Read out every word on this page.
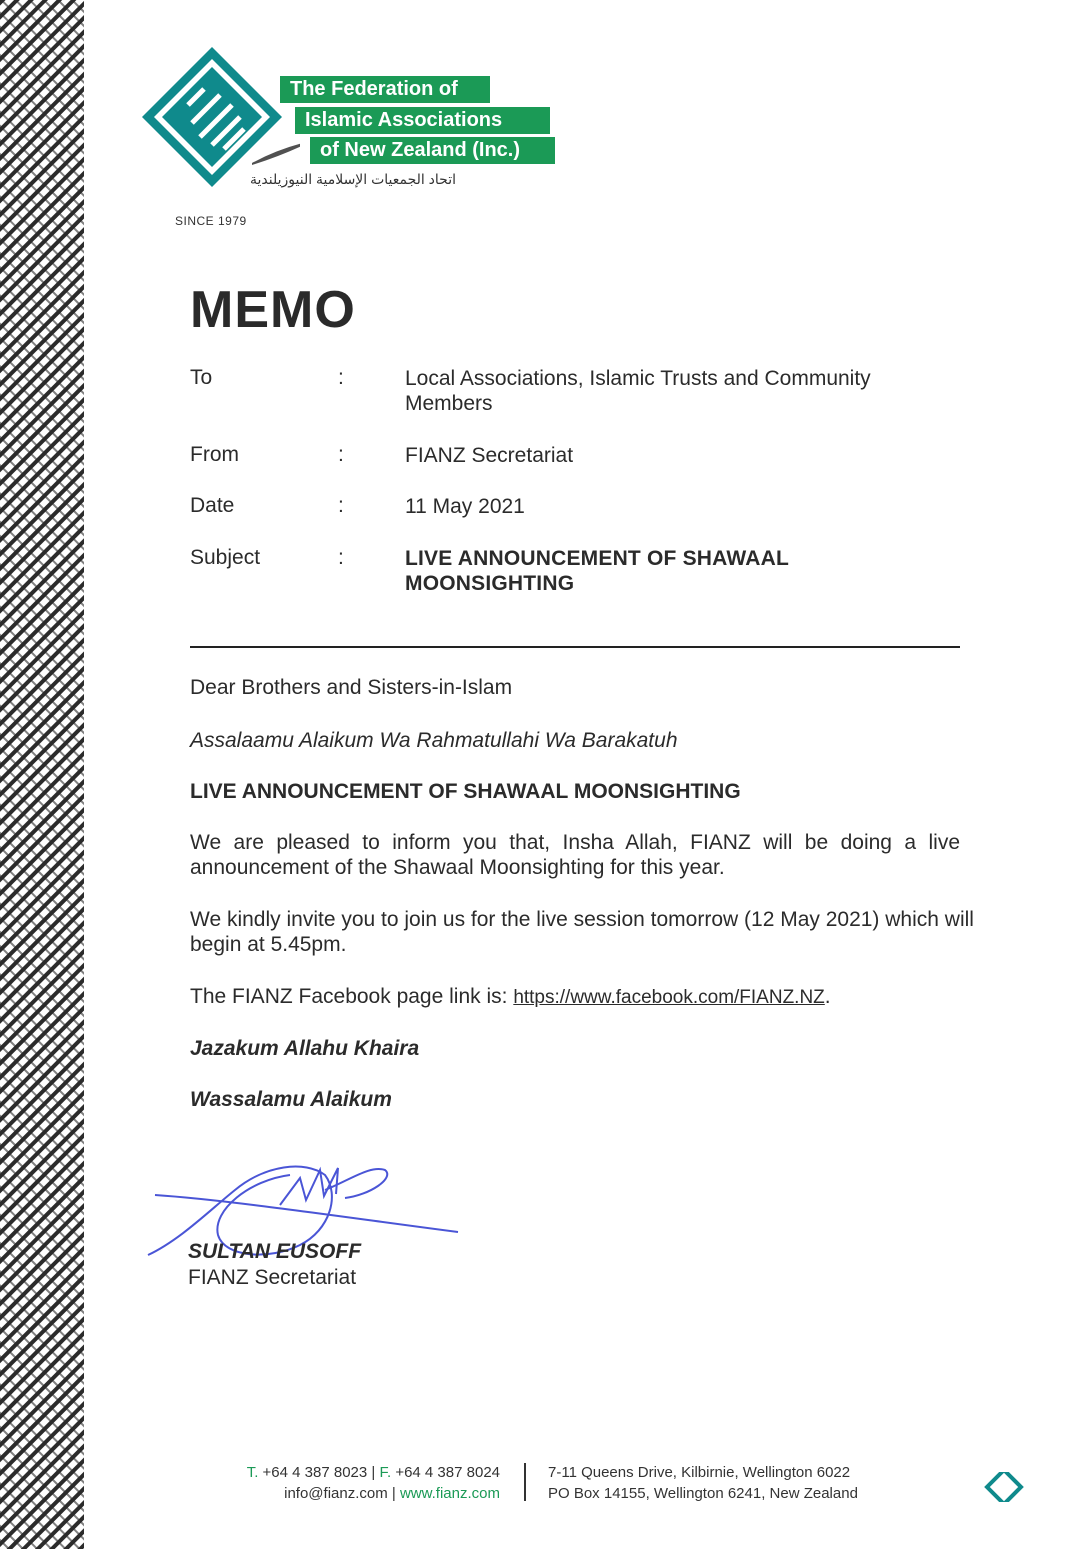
The Federation of
Islamic Associations
of New Zealand (Inc.)
اتحاد الجمعيات الإسلامية النيوزيلندية
SINCE 1979
MEMO
To	:	Local Associations, Islamic Trusts and Community Members
From	:	FIANZ Secretariat
Date	:	11 May 2021
Subject	:	LIVE ANNOUNCEMENT OF SHAWAAL MOONSIGHTING
Dear Brothers and Sisters-in-Islam
Assalaamu Alaikum Wa Rahmatullahi Wa Barakatuh
LIVE ANNOUNCEMENT OF SHAWAAL MOONSIGHTING
We are pleased to inform you that, Insha Allah, FIANZ will be doing a live announcement of the Shawaal Moonsighting for this year.
We kindly invite you to join us for the live session tomorrow (12 May 2021) which will begin at 5.45pm.
The FIANZ Facebook page link is: https://www.facebook.com/FIANZ.NZ.
Jazakum Allahu Khaira
Wassalamu Alaikum
SULTAN EUSOFF
FIANZ Secretariat
T. +64 4 387 8023 | F. +64 4 387 8024
info@fianz.com | www.fianz.com
7-11 Queens Drive, Kilbirnie, Wellington 6022
PO Box 14155, Wellington 6241, New Zealand
